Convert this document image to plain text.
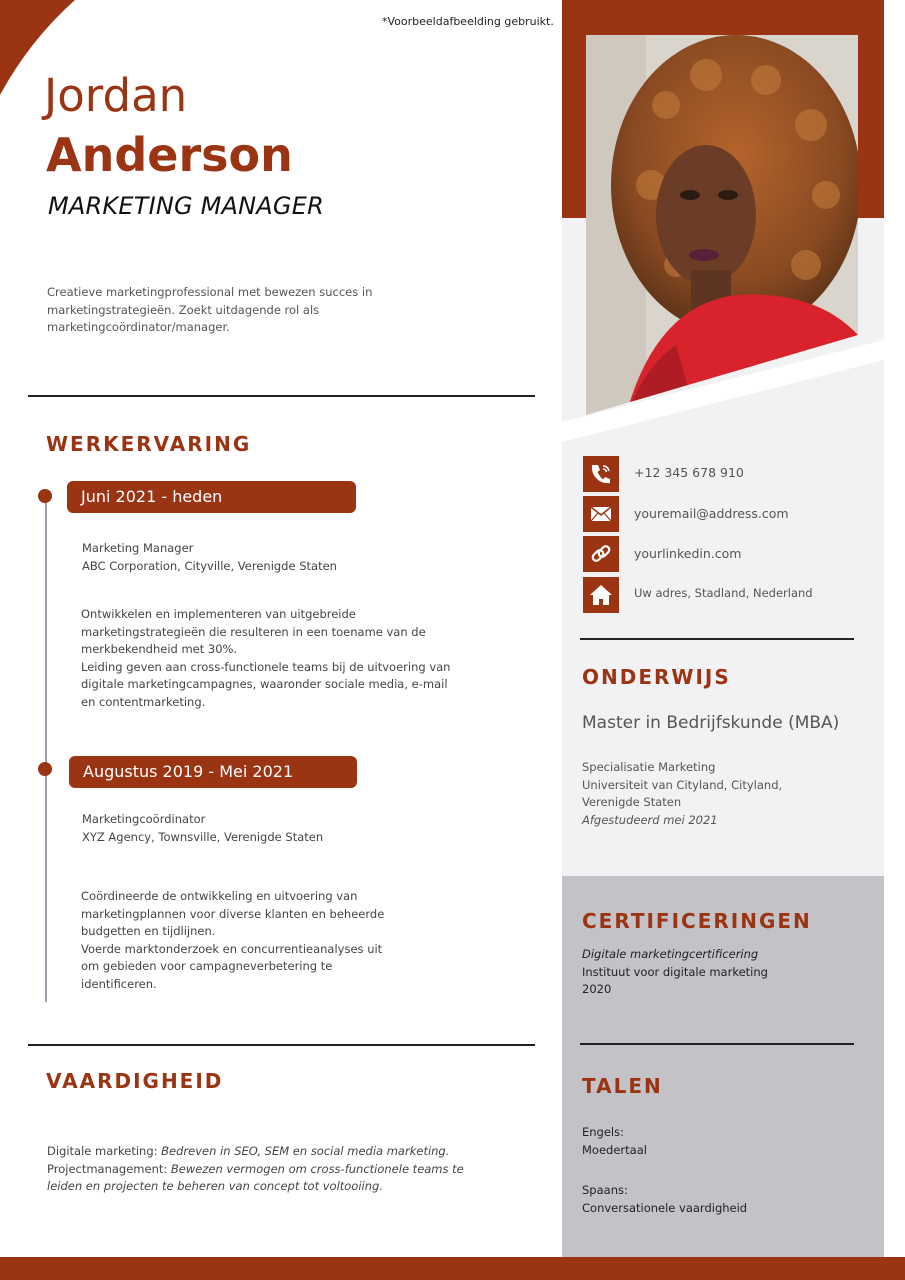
*Voorbeeldafbeelding gebruikt.
Jordan
Anderson
MARKETING MANAGER
Creatieve marketingprofessional met bewezen succes in marketingstrategieën. Zoekt uitdagende rol als marketingcoördinator/manager.
WERKERVARING
Juni 2021 - heden
Marketing Manager
ABC Corporation, Cityville, Verenigde Staten
Ontwikkelen en implementeren van uitgebreide marketingstrategieën die resulteren in een toename van de merkbekendheid met 30%.
Leiding geven aan cross-functionele teams bij de uitvoering van digitale marketingcampagnes, waaronder sociale media, e-mail en contentmarketing.
Augustus 2019 - Mei 2021
Marketingcoördinator
XYZ Agency, Townsville, Verenigde Staten
Coördineerde de ontwikkeling en uitvoering van marketingplannen voor diverse klanten en beheerde budgetten en tijdlijnen.
Voerde marktonderzoek en concurrentieanalyses uit om gebieden voor campagneverbetering te identificeren.
VAARDIGHEID
Digitale marketing: Bedreven in SEO, SEM en social media marketing.
Projectmanagement: Bewezen vermogen om cross-functionele teams te leiden en projecten te beheren van concept tot voltooiing.
+12 345 678 910
youremail@address.com
yourlinkedin.com
Uw adres, Stadland, Nederland
ONDERWIJS
Master in Bedrijfskunde (MBA)
Specialisatie Marketing
Universiteit van Cityland, Cityland, Verenigde Staten
Afgestudeerd mei 2021
CERTIFICERINGEN
Digitale marketingcertificering
Instituut voor digitale marketing
2020
TALEN
Engels:
Moedertaal
Spaans:
Conversationele vaardigheid
